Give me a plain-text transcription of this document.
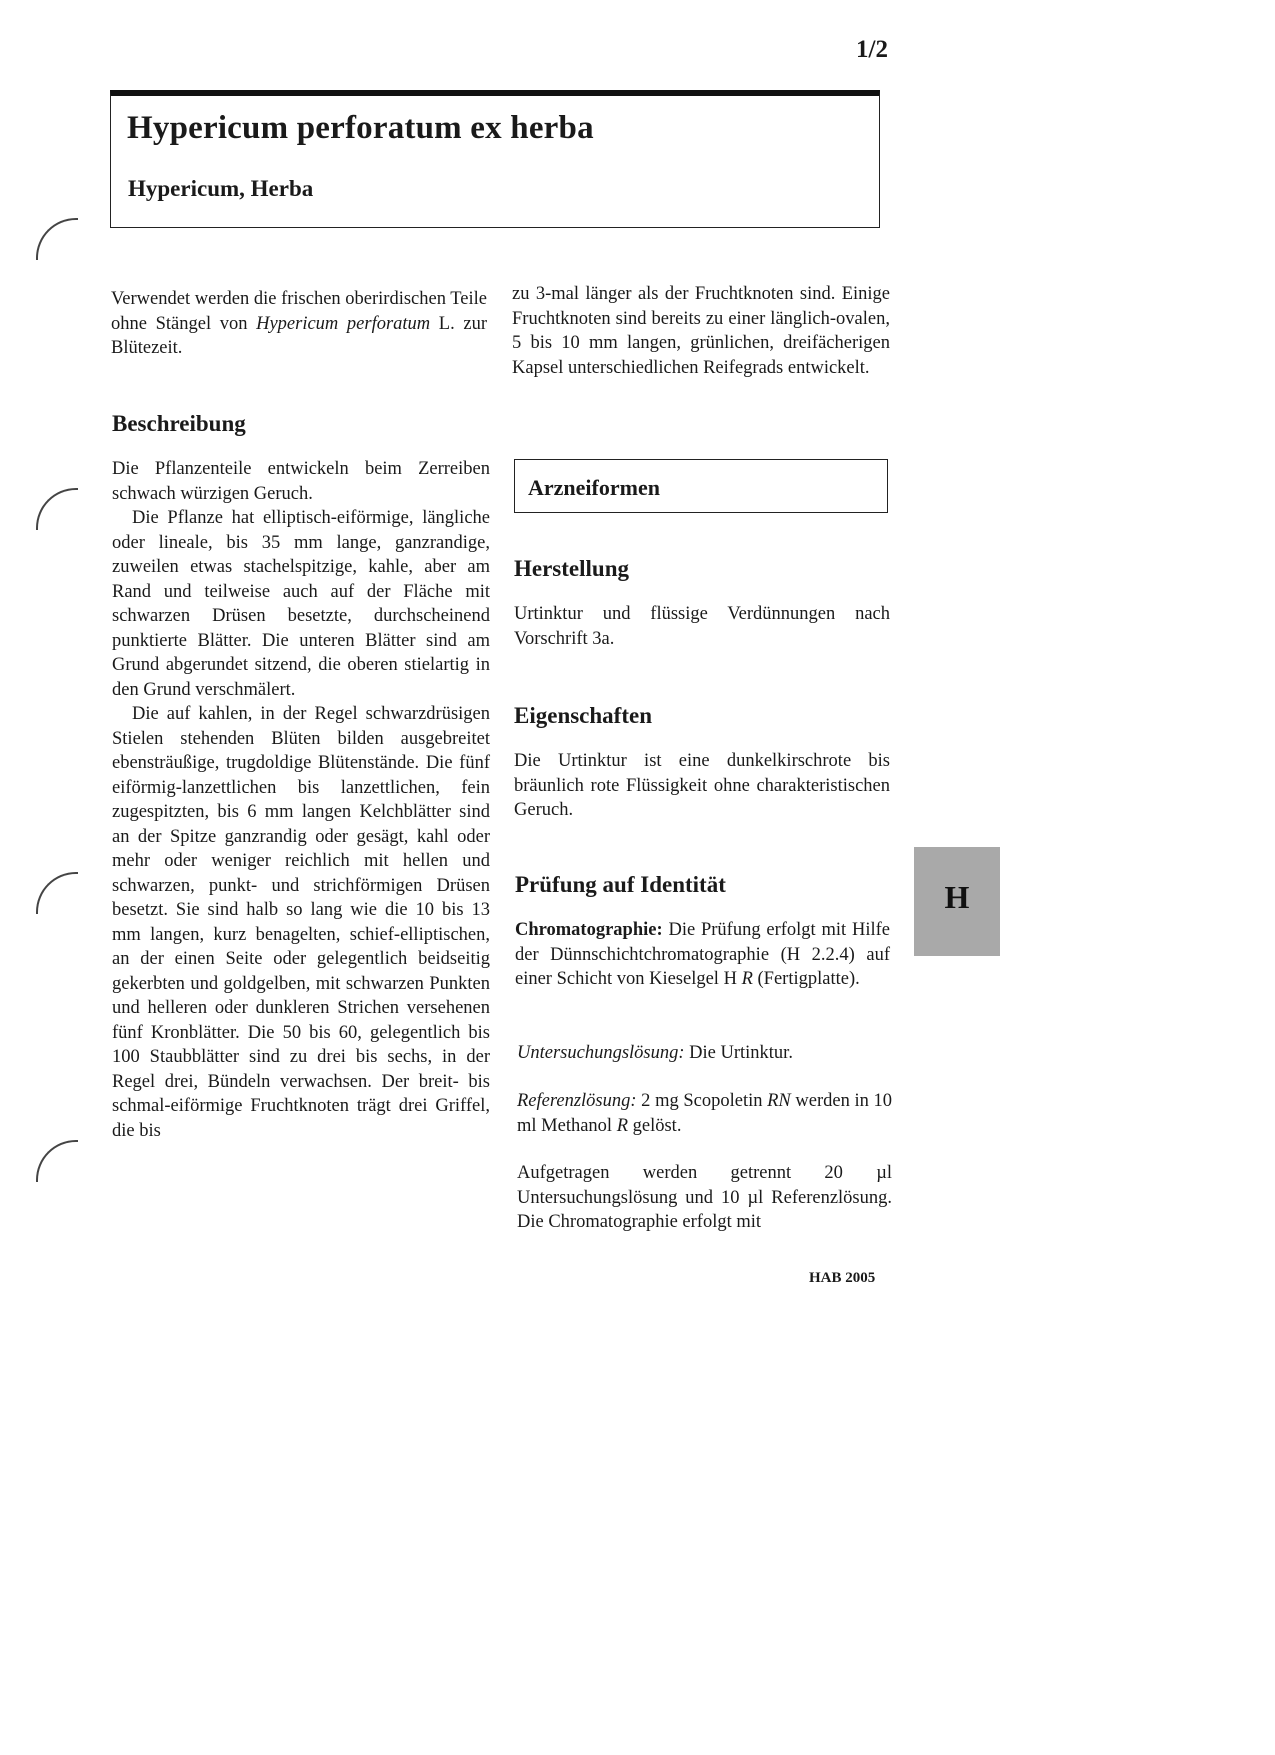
1/2
Hypericum perforatum ex herba
Hypericum, Herba

Verwendet werden die frischen oberirdischen Teile ohne Stängel von Hypericum perforatum L. zur Blütezeit.

Beschreibung

Die Pflanzenteile entwickeln beim Zerreiben schwach würzigen Geruch.

Die Pflanze hat elliptisch-eiförmige, längliche oder lineale, bis 35 mm lange, ganzrandige, zuweilen etwas stachelspitzige, kahle, aber am Rand und teilweise auch auf der Fläche mit schwarzen Drüsen besetzte, durchscheinend punktierte Blätter. Die unteren Blätter sind am Grund abgerundet sitzend, die oberen stielartig in den Grund verschmälert.

Die auf kahlen, in der Regel schwarzdrüsigen Stielen stehenden Blüten bilden ausgebreitet ebensträußige, trugdoldige Blütenstände. Die fünf eiförmig-lanzettlichen bis lanzettlichen, fein zugespitzten, bis 6 mm langen Kelchblätter sind an der Spitze ganzrandig oder gesägt, kahl oder mehr oder weniger reichlich mit hellen und schwarzen, punkt- und strichförmigen Drüsen besetzt. Sie sind halb so lang wie die 10 bis 13 mm langen, kurz benagelten, schief-elliptischen, an der einen Seite oder gelegentlich beidseitig gekerbten und goldgelben, mit schwarzen Punkten und helleren oder dunkleren Strichen versehenen fünf Kronblätter. Die 50 bis 60, gelegentlich bis 100 Staubblätter sind zu drei bis sechs, in der Regel drei, Bündeln verwachsen. Der breit- bis schmal-eiförmige Fruchtknoten trägt drei Griffel, die bis

zu 3-mal länger als der Fruchtknoten sind. Einige Fruchtknoten sind bereits zu einer länglich-ovalen, 5 bis 10 mm langen, grünlichen, dreifächerigen Kapsel unterschiedlichen Reifegrads entwickelt.

Arzneiformen
Herstellung

Urtinktur und flüssige Verdünnungen nach Vorschrift 3a.

Eigenschaften

Die Urtinktur ist eine dunkelkirschrote bis bräunlich rote Flüssigkeit ohne charakteristischen Geruch.

Prüfung auf Identität

Chromatographie: Die Prüfung erfolgt mit Hilfe der Dünnschichtchromatographie (H 2.2.4) auf einer Schicht von Kieselgel H R (Fertigplatte).

Untersuchungslösung: Die Urtinktur.

Referenzlösung: 2 mg Scopoletin RN werden in 10 ml Methanol R gelöst.

Aufgetragen werden getrennt 20 µl Untersuchungslösung und 10 µl Referenzlösung. Die Chromatographie erfolgt mit

H
HAB 2005
